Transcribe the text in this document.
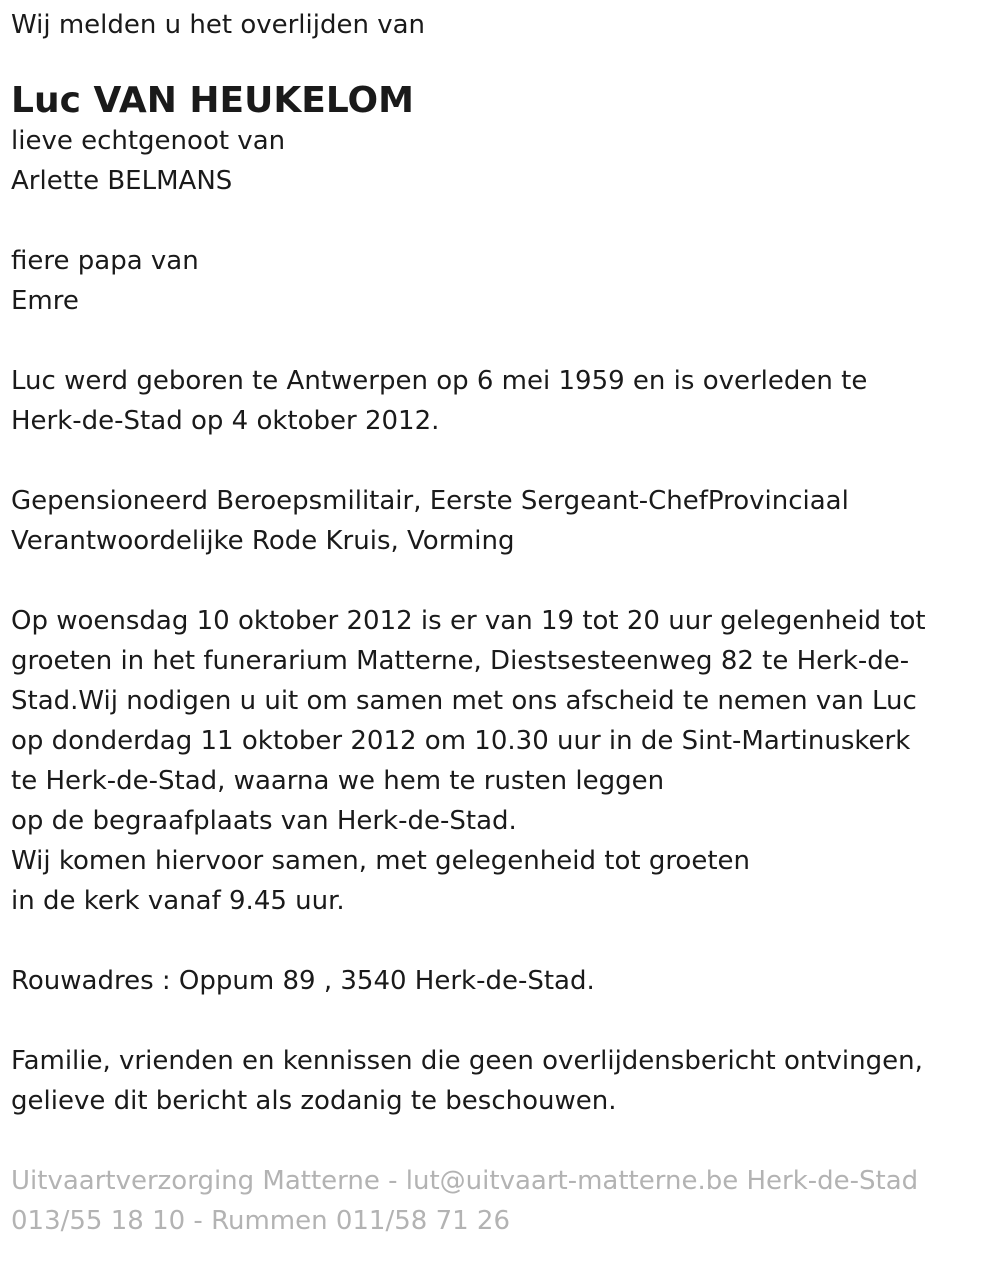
Wij melden u het overlijden van
Luc VAN HEUKELOM
lieve echtgenoot van
Arlette BELMANS
fiere papa van
Emre
Luc werd geboren te Antwerpen op 6 mei 1959 en is overleden te
Herk-de-Stad op 4 oktober 2012.
Gepensioneerd Beroepsmilitair, Eerste Sergeant-ChefProvinciaal
Verantwoordelijke Rode Kruis, Vorming
Op woensdag 10 oktober 2012 is er van 19 tot 20 uur gelegenheid tot
groeten in het funerarium Matterne, Diestsesteenweg 82 te Herk-de-
Stad.Wij nodigen u uit om samen met ons afscheid te nemen van Luc
op donderdag 11 oktober 2012 om 10.30 uur in de Sint-Martinuskerk
te Herk-de-Stad, waarna we hem te rusten leggen
op de begraafplaats van Herk-de-Stad.
Wij komen hiervoor samen, met gelegenheid tot groeten
in de kerk vanaf 9.45 uur.
Rouwadres : Oppum 89 , 3540 Herk-de-Stad.
Familie, vrienden en kennissen die geen overlijdensbericht ontvingen,
gelieve dit bericht als zodanig te beschouwen.
Uitvaartverzorging Matterne - lut@uitvaart-matterne.be Herk-de-Stad
013/55 18 10 - Rummen 011/58 71 26
